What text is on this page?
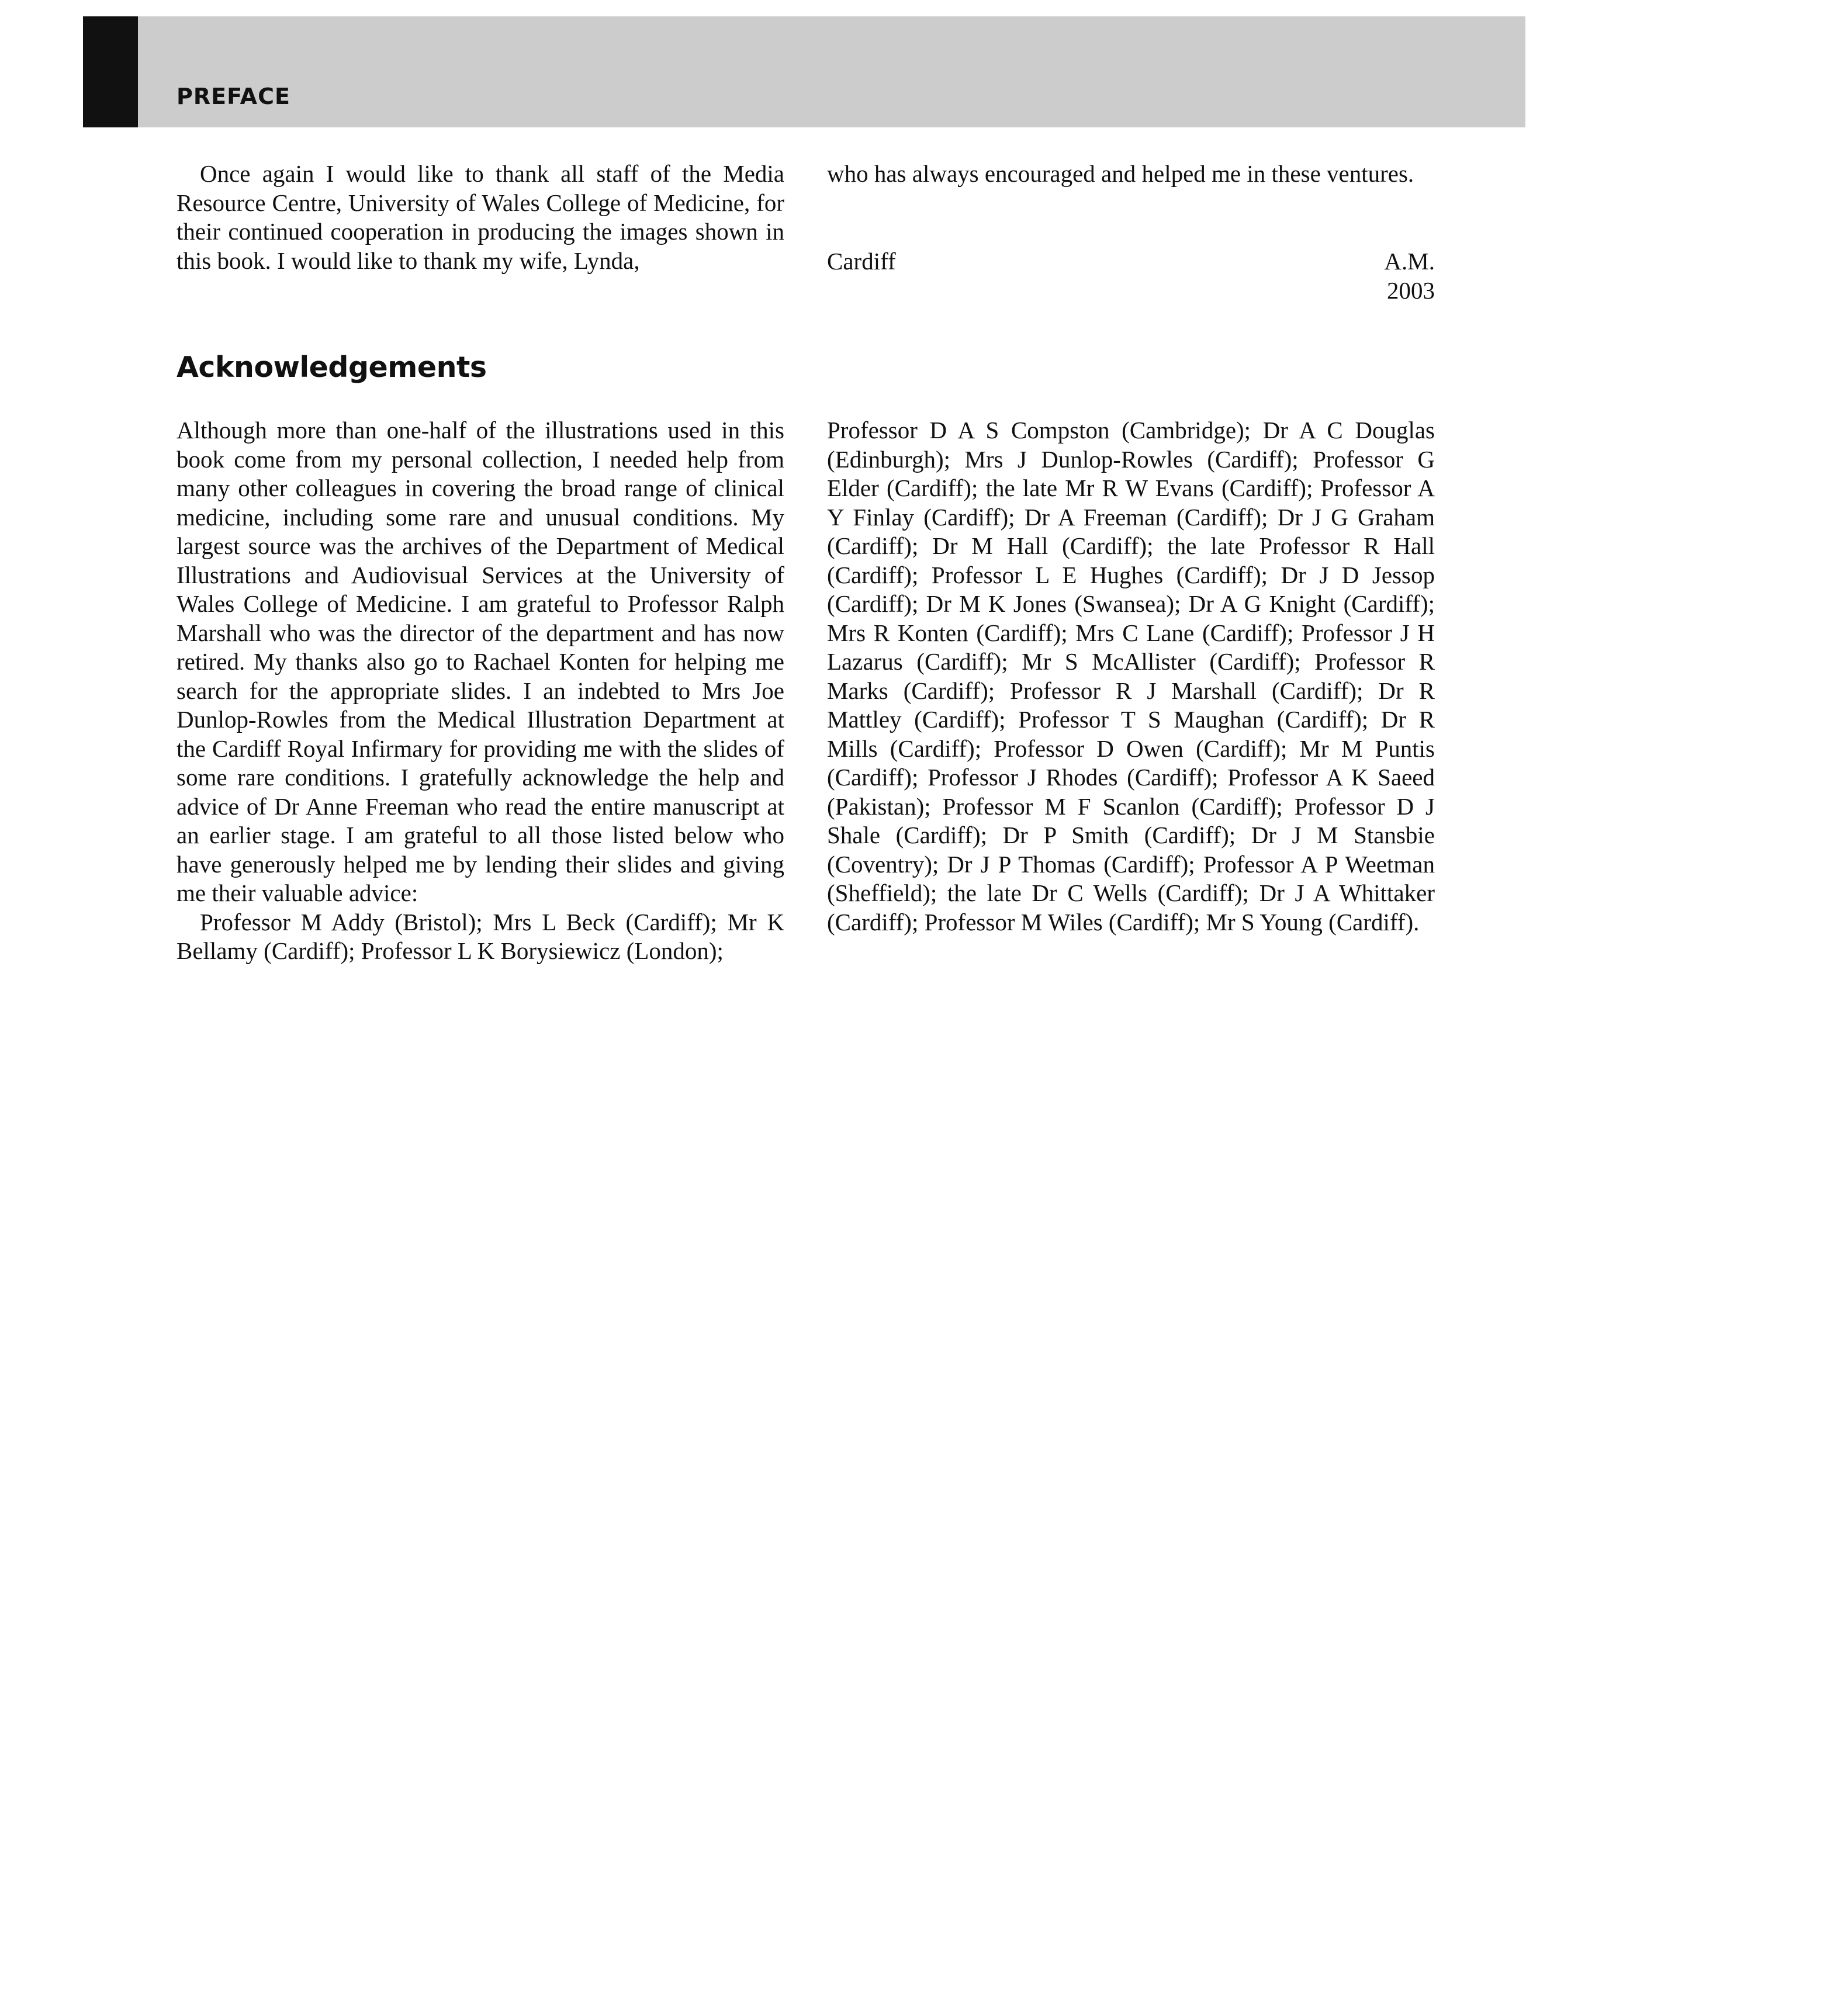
PREFACE

Once again I would like to thank all staff of the Media Resource Centre, University of Wales College of Medicine, for their continued cooperation in producing the images shown in this book. I would like to thank my wife, Lynda,

who has always encouraged and helped me in these ventures.

Cardiff	A.M.
2003
Acknowledgements

Although more than one-half of the illustrations used in this book come from my personal collection, I needed help from many other colleagues in covering the broad range of clinical medicine, including some rare and unusual conditions. My largest source was the archives of the Department of Medical Illustrations and Audiovisual Services at the University of Wales College of Medicine. I am grateful to Professor Ralph Marshall who was the director of the department and has now retired. My thanks also go to Rachael Konten for helping me search for the appropriate slides. I an indebted to Mrs Joe Dunlop-Rowles from the Medical Illustration Department at the Cardiff Royal Infirmary for providing me with the slides of some rare conditions. I gratefully acknowledge the help and advice of Dr Anne Freeman who read the entire manuscript at an earlier stage. I am grateful to all those listed below who have generously helped me by lending their slides and giving me their valuable advice:

Professor M Addy (Bristol); Mrs L Beck (Cardiff); Mr K Bellamy (Cardiff); Professor L K Borysiewicz (London);

Professor D A S Compston (Cambridge); Dr A C Douglas (Edinburgh); Mrs J Dunlop-Rowles (Cardiff); Professor G Elder (Cardiff); the late Mr R W Evans (Cardiff); Professor A Y Finlay (Cardiff); Dr A Freeman (Cardiff); Dr J G Graham (Cardiff); Dr M Hall (Cardiff); the late Professor R Hall (Cardiff); Professor L E Hughes (Cardiff); Dr J D Jessop (Cardiff); Dr M K Jones (Swansea); Dr A G Knight (Cardiff); Mrs R Konten (Cardiff); Mrs C Lane (Cardiff); Professor J H Lazarus (Cardiff); Mr S McAllister (Cardiff); Professor R Marks (Cardiff); Professor R J Marshall (Cardiff); Dr R Mattley (Cardiff); Professor T S Maughan (Cardiff); Dr R Mills (Cardiff); Professor D Owen (Cardiff); Mr M Puntis (Cardiff); Professor J Rhodes (Cardiff); Professor A K Saeed (Pakistan); Professor M F Scanlon (Cardiff); Professor D J Shale (Cardiff); Dr P Smith (Cardiff); Dr J M Stansbie (Coventry); Dr J P Thomas (Cardiff); Professor A P Weetman (Sheffield); the late Dr C Wells (Cardiff); Dr J A Whittaker (Cardiff); Professor M Wiles (Cardiff); Mr S Young (Cardiff).
